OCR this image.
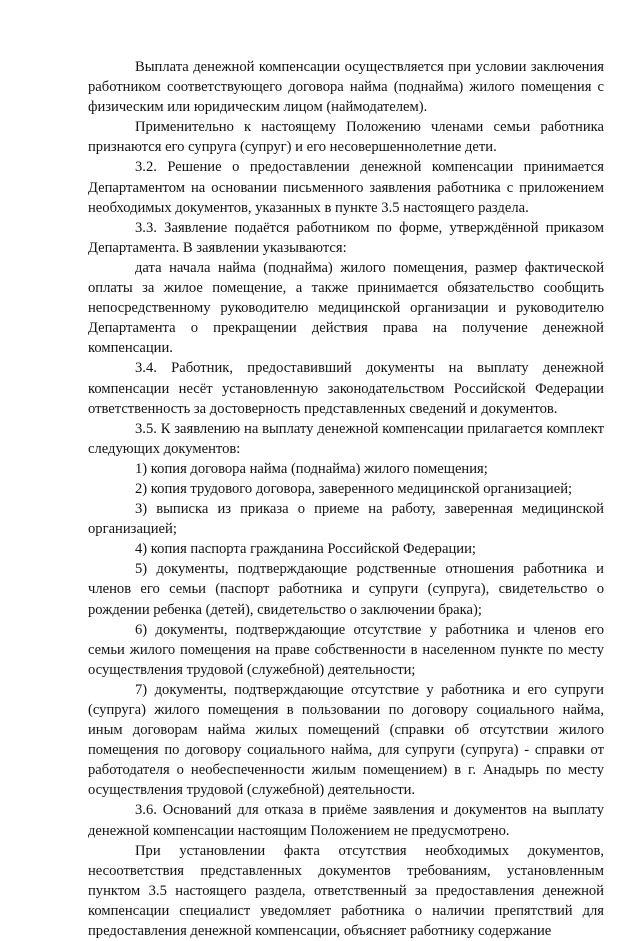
Выплата денежной компенсации осуществляется при условии заключения работником соответствующего договора найма (поднайма) жилого помещения с физическим или юридическим лицом (наймодателем).

Применительно к настоящему Положению членами семьи работника признаются его супруга (супруг) и его несовершеннолетние дети.

3.2. Решение о предоставлении денежной компенсации принимается Департаментом на основании письменного заявления работника с приложением необходимых документов, указанных в пункте 3.5 настоящего раздела.

3.3. Заявление подаётся работником по форме, утверждённой приказом Департамента. В заявлении указываются:

дата начала найма (поднайма) жилого помещения, размер фактической оплаты за жилое помещение, а также принимается обязательство сообщить непосредственному руководителю медицинской организации и руководителю Департамента о прекращении действия права на получение денежной компенсации.

3.4. Работник, предоставивший документы на выплату денежной компенсации несёт установленную законодательством Российской Федерации ответственность за достоверность представленных сведений и документов.

3.5. К заявлению на выплату денежной компенсации прилагается комплект следующих документов:

1) копия договора найма (поднайма) жилого помещения;

2) копия трудового договора, заверенного медицинской организацией;

3) выписка из приказа о приеме на работу, заверенная медицинской организацией;

4) копия паспорта гражданина Российской Федерации;

5) документы, подтверждающие родственные отношения работника и членов его семьи (паспорт работника и супруги (супруга), свидетельство о рождении ребенка (детей), свидетельство о заключении брака);

6) документы, подтверждающие отсутствие у работника и членов его семьи жилого помещения на праве собственности в населенном пункте по месту осуществления трудовой (служебной) деятельности;

7) документы, подтверждающие отсутствие у работника и его супруги (супруга) жилого помещения в пользовании по договору социального найма, иным договорам найма жилых помещений (справки об отсутствии жилого помещения по договору социального найма, для супруги (супруга) - справки от работодателя о необеспеченности жилым помещением) в г. Анадырь по месту осуществления трудовой (служебной) деятельности.

3.6. Оснований для отказа в приёме заявления и документов на выплату денежной компенсации настоящим Положением не предусмотрено.

При установлении факта отсутствия необходимых документов, несоответствия представленных документов требованиям, установленным пунктом 3.5 настоящего раздела, ответственный за предоставления денежной компенсации специалист уведомляет работника о наличии препятствий для предоставления денежной компенсации, объясняет работнику содержание
